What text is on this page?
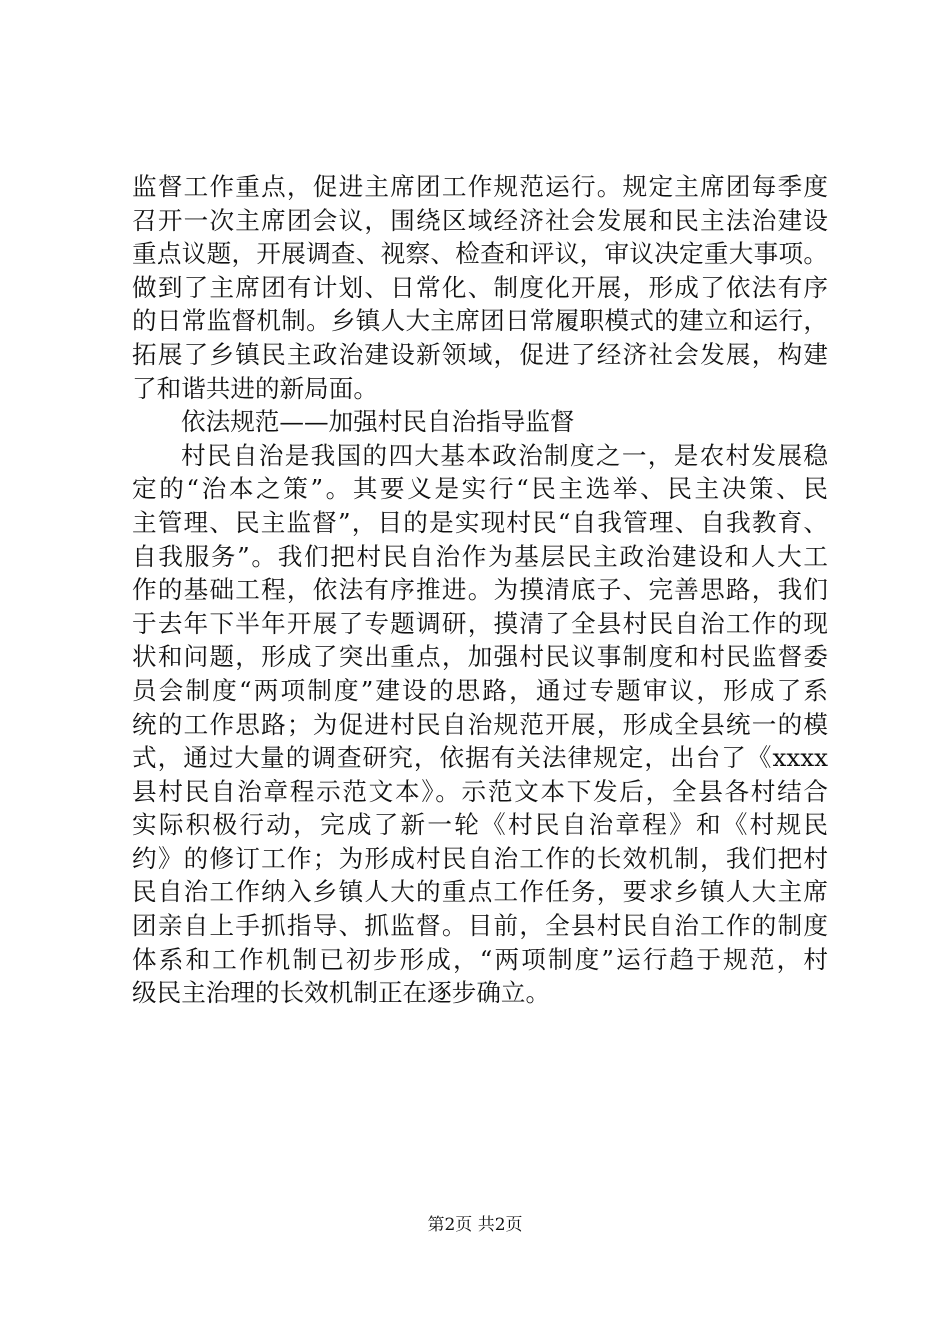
监督工作重点，促进主席团工作规范运行。规定主席团每季度
召开一次主席团会议，围绕区域经济社会发展和民主法治建设
重点议题，开展调查、视察、检查和评议，审议决定重大事项。
做到了主席团有计划、日常化、制度化开展，形成了依法有序
的日常监督机制。乡镇人大主席团日常履职模式的建立和运行，
拓展了乡镇民主政治建设新领域，促进了经济社会发展，构建
了和谐共进的新局面。
依法规范——加强村民自治指导监督
村民自治是我国的四大基本政治制度之一，是农村发展稳
定的“治本之策”。其要义是实行“民主选举、民主决策、民
主管理、民主监督”，目的是实现村民“自我管理、自我教育、
自我服务”。我们把村民自治作为基层民主政治建设和人大工
作的基础工程，依法有序推进。为摸清底子、完善思路，我们
于去年下半年开展了专题调研，摸清了全县村民自治工作的现
状和问题，形成了突出重点，加强村民议事制度和村民监督委
员会制度“两项制度”建设的思路，通过专题审议，形成了系
统的工作思路；为促进村民自治规范开展，形成全县统一的模
式，通过大量的调查研究，依据有关法律规定，出台了《xxxx
县村民自治章程示范文本》。示范文本下发后，全县各村结合
实际积极行动，完成了新一轮《村民自治章程》和《村规民
约》的修订工作；为形成村民自治工作的长效机制，我们把村
民自治工作纳入乡镇人大的重点工作任务，要求乡镇人大主席
团亲自上手抓指导、抓监督。目前，全县村民自治工作的制度
体系和工作机制已初步形成，“两项制度”运行趋于规范，村
级民主治理的长效机制正在逐步确立。
第2页 共2页
